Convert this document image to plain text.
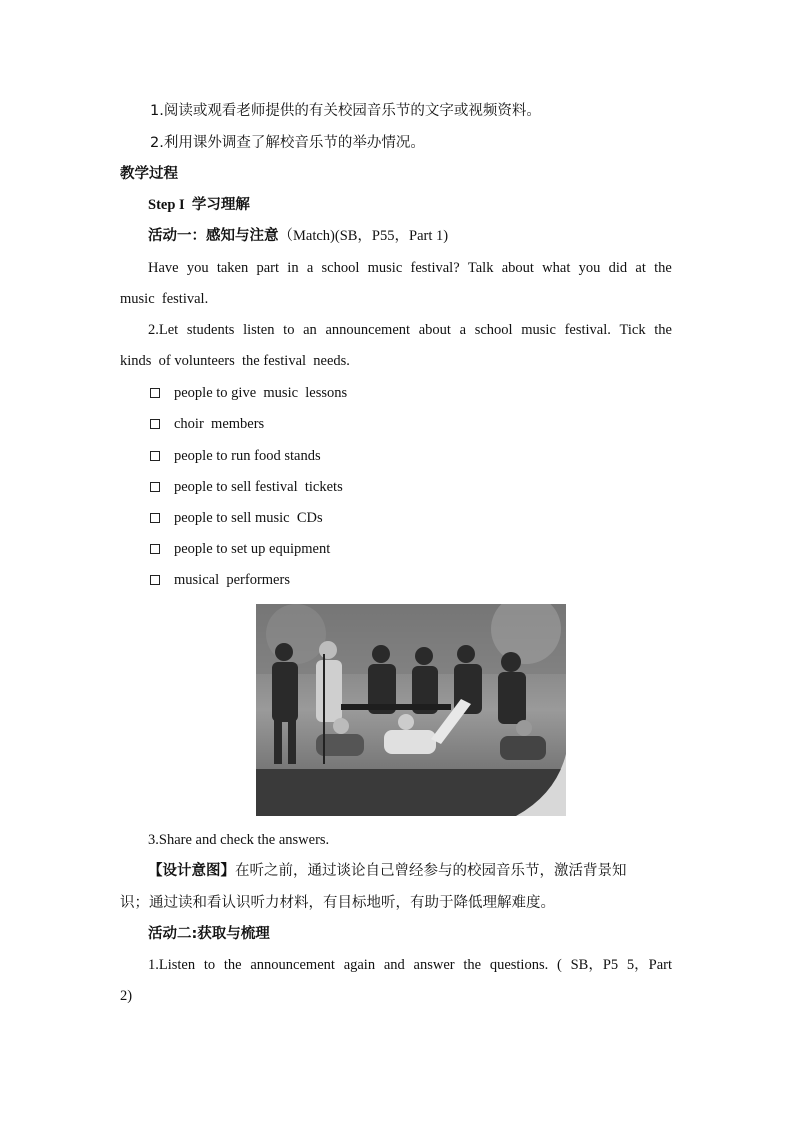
1.阅读或观看老师提供的有关校园音乐节的文字或视频资料。
2.利用课外调查了解校音乐节的举办情况。
教学过程
Step I 学习理解
活动一：感知与注意（Match)(SB，P55，Part 1)
Have you taken part in a school music festival? Talk about what you did at the
music  festival.
2.Let students listen to an announcement about a school music festival. Tick the
kinds  of volunteers  the festival  needs.
people to give  music  lessons
choir  members
people to run food stands
people to sell festival  tickets
people to sell music  CDs
people to set up equipment
musical  performers
3.Share and check the answers.
【设计意图】在听之前，通过谈论自己曾经参与的校园音乐节，激活背景知
识；通过读和看认识听力材料，有目标地听，有助于降低理解难度。
活动二:获取与梳理
1.Listen to the announcement again and answer the questions. ( SB，P5 5，Part
2)
